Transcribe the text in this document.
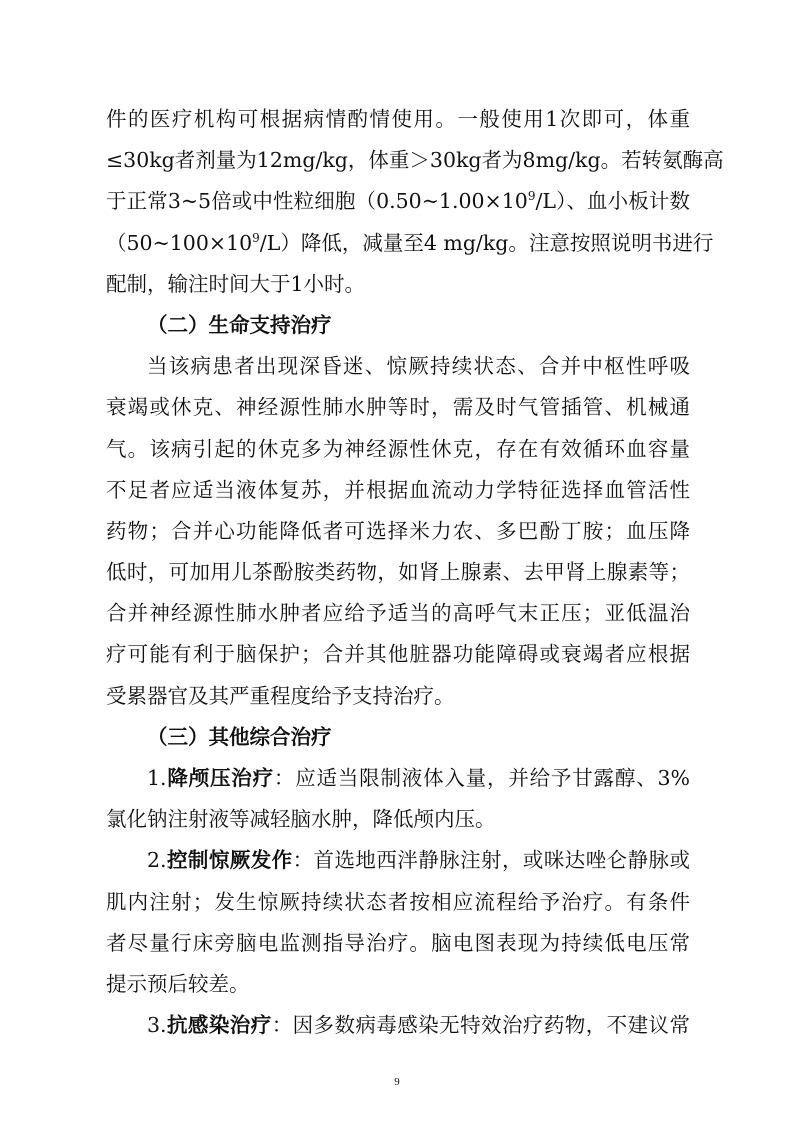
件的医疗机构可根据病情酌情使用。一般使用1次即可，体重
≤30kg者剂量为12mg/kg，体重＞30kg者为8mg/kg。若转氨酶高
于正常3~5倍或中性粒细胞$(0.50\sim 1.00\times 10^9/L)$、血小板计数
$(50\sim 100\times 10^9/L)$降低，减量至4 mg/kg。注意按照说明书进行
配制，输注时间大于1小时。
（二）生命支持治疗
当该病患者出现深昏迷、惊厥持续状态、合并中枢性呼吸
衰竭或休克、神经源性肺水肿等时，需及时气管插管、机械通
气。该病引起的休克多为神经源性休克，存在有效循环血容量
不足者应适当液体复苏，并根据血流动力学特征选择血管活性
药物；合并心功能降低者可选择米力农、多巴酚丁胺；血压降
低时，可加用儿茶酚胺类药物，如肾上腺素、去甲肾上腺素等；
合并神经源性肺水肿者应给予适当的高呼气末正压；亚低温治
疗可能有利于脑保护；合并其他脏器功能障碍或衰竭者应根据
受累器官及其严重程度给予支持治疗。
（三）其他综合治疗
1.降颅压治疗：应适当限制液体入量，并给予甘露醇、3%
氯化钠注射液等减轻脑水肿，降低颅内压。
2.控制惊厥发作：首选地西泮静脉注射，或咪达唑仑静脉或
肌内注射；发生惊厥持续状态者按相应流程给予治疗。有条件
者尽量行床旁脑电监测指导治疗。脑电图表现为持续低电压常
提示预后较差。
3.抗感染治疗：因多数病毒感染无特效治疗药物，不建议常
9
